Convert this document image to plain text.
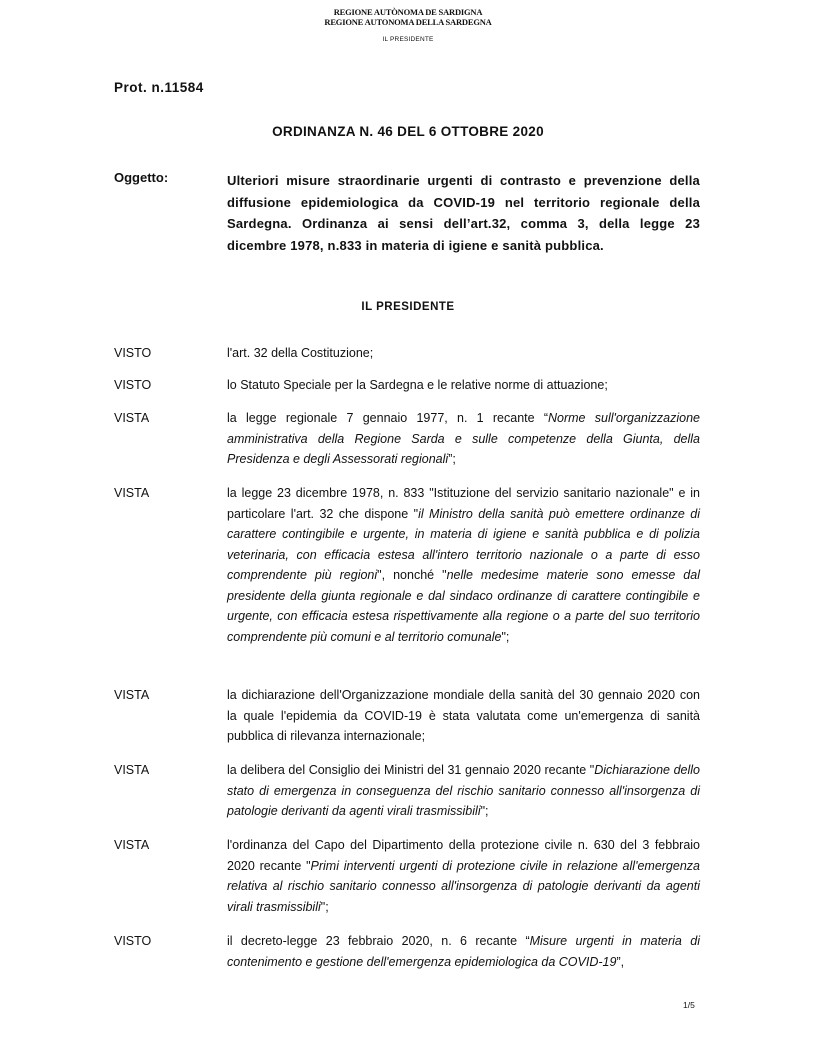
REGIONE AUTÒNOMA DE SARDIGNA
REGIONE AUTONOMA DELLA SARDEGNA
IL PRESIDENTE
Prot. n.11584
ORDINANZA N. 46 DEL 6 OTTOBRE 2020
Oggetto:	Ulteriori misure straordinarie urgenti di contrasto e prevenzione della diffusione epidemiologica da COVID-19 nel territorio regionale della Sardegna. Ordinanza ai sensi dell’art.32, comma 3, della legge 23 dicembre 1978, n.833 in materia di igiene e sanità pubblica.
IL PRESIDENTE
VISTO	l'art. 32 della Costituzione;
VISTO	lo Statuto Speciale per la Sardegna e le relative norme di attuazione;
VISTA	la legge regionale 7 gennaio 1977, n. 1 recante “Norme sull'organizzazione amministrativa della Regione Sarda e sulle competenze della Giunta, della Presidenza e degli Assessorati regionali”;
VISTA	la legge 23 dicembre 1978, n. 833 "Istituzione del servizio sanitario nazionale" e in particolare l'art. 32 che dispone "il Ministro della sanità può emettere ordinanze di carattere contingibile e urgente, in materia di igiene e sanità pubblica e di polizia veterinaria, con efficacia estesa all'intero territorio nazionale o a parte di esso comprendente più regioni", nonché "nelle medesime materie sono emesse dal presidente della giunta regionale e dal sindaco ordinanze di carattere contingibile e urgente, con efficacia estesa rispettivamente alla regione o a parte del suo territorio comprendente più comuni e al territorio comunale";
VISTA	la dichiarazione dell'Organizzazione mondiale della sanità del 30 gennaio 2020 con la quale l'epidemia da COVID-19 è stata valutata come un'emergenza di sanità pubblica di rilevanza internazionale;
VISTA	la delibera del Consiglio dei Ministri del 31 gennaio 2020 recante "Dichiarazione dello stato di emergenza in conseguenza del rischio sanitario connesso all'insorgenza di patologie derivanti da agenti virali trasmissibili";
VISTA	l'ordinanza del Capo del Dipartimento della protezione civile n. 630 del 3 febbraio 2020 recante "Primi interventi urgenti di protezione civile in relazione all'emergenza relativa al rischio sanitario connesso all'insorgenza di patologie derivanti da agenti virali trasmissibili";
VISTO	il decreto-legge 23 febbraio 2020, n. 6 recante “Misure urgenti in materia di contenimento e gestione dell'emergenza epidemiologica da COVID-19”,
1/5
